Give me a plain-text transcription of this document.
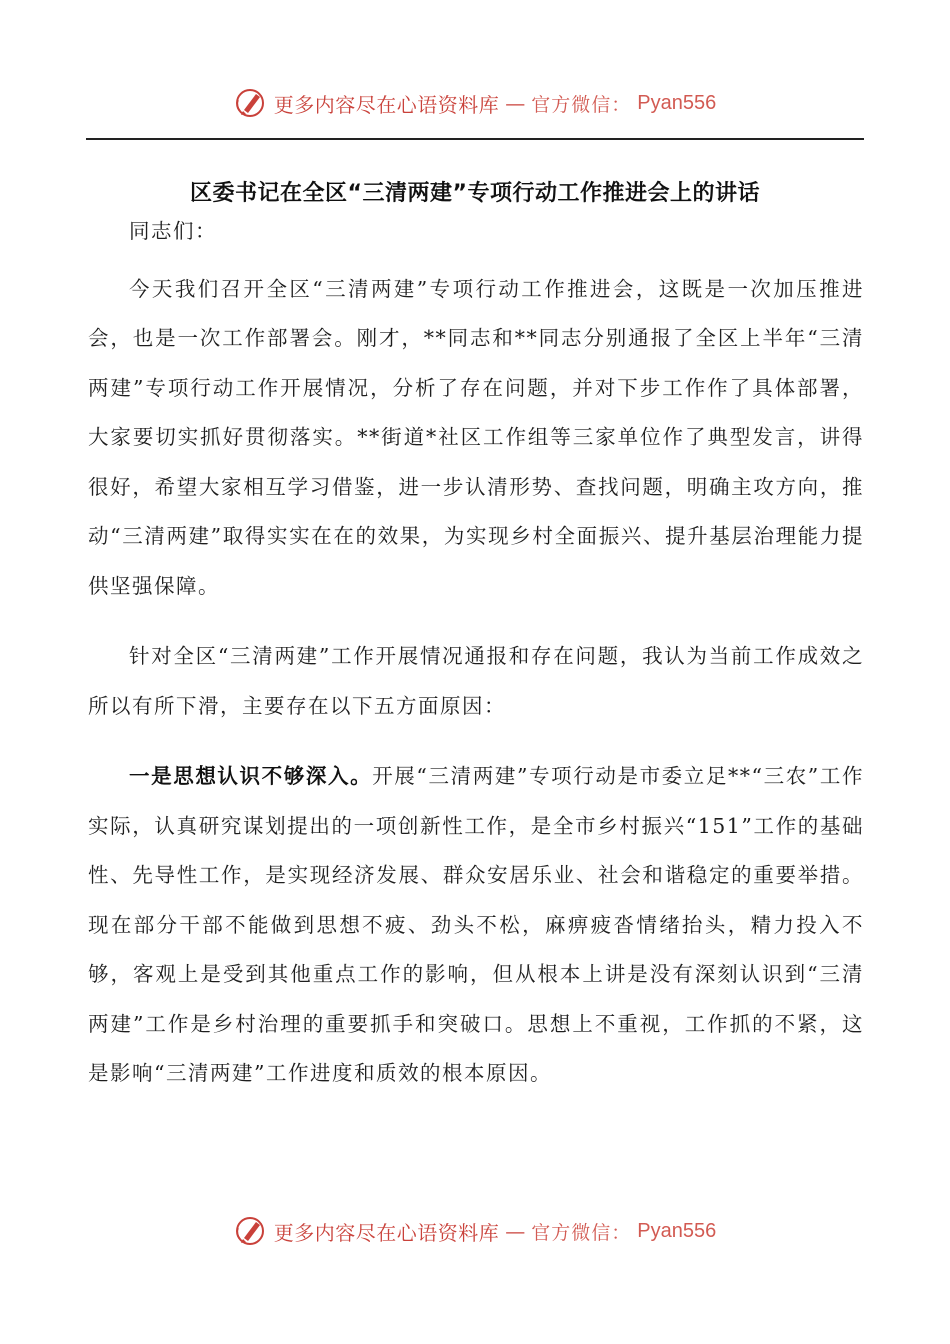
更多内容尽在心语资料库 — 官方微信： Pyan556
区委书记在全区“三清两建”专项行动工作推进会上的讲话

同志们：

今天我们召开全区“三清两建”专项行动工作推进会，这既是一次加压推进会，也是一次工作部署会。刚才，**同志和**同志分别通报了全区上半年“三清两建”专项行动工作开展情况，分析了存在问题，并对下步工作作了具体部署，大家要切实抓好贯彻落实。**街道*社区工作组等三家单位作了典型发言，讲得很好，希望大家相互学习借鉴，进一步认清形势、查找问题，明确主攻方向，推动“三清两建”取得实实在在的效果，为实现乡村全面振兴、提升基层治理能力提供坚强保障。

针对全区“三清两建”工作开展情况通报和存在问题，我认为当前工作成效之所以有所下滑，主要存在以下五方面原因：

一是思想认识不够深入。开展“三清两建”专项行动是市委立足**“三农”工作实际，认真研究谋划提出的一项创新性工作，是全市乡村振兴“151”工作的基础性、先导性工作，是实现经济发展、群众安居乐业、社会和谐稳定的重要举措。现在部分干部不能做到思想不疲、劲头不松，麻痹疲沓情绪抬头，精力投入不够，客观上是受到其他重点工作的影响，但从根本上讲是没有深刻认识到“三清两建”工作是乡村治理的重要抓手和突破口。思想上不重视，工作抓的不紧，这是影响“三清两建”工作进度和质效的根本原因。

更多内容尽在心语资料库 — 官方微信： Pyan556
